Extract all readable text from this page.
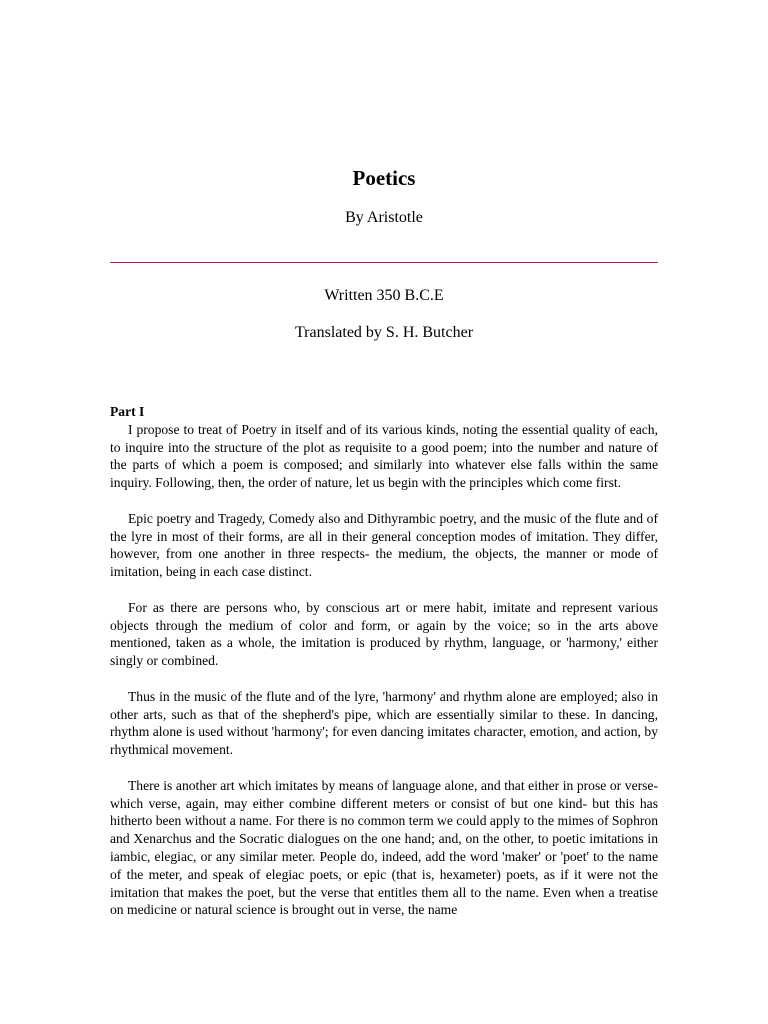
Poetics
By Aristotle
Written 350 B.C.E
Translated by S. H. Butcher
Part I

I propose to treat of Poetry in itself and of its various kinds, noting the essential quality of each, to inquire into the structure of the plot as requisite to a good poem; into the number and nature of the parts of which a poem is composed; and similarly into whatever else falls within the same inquiry. Following, then, the order of nature, let us begin with the principles which come first.

Epic poetry and Tragedy, Comedy also and Dithyrambic poetry, and the music of the flute and of the lyre in most of their forms, are all in their general conception modes of imitation. They differ, however, from one another in three respects- the medium, the objects, the manner or mode of imitation, being in each case distinct.

For as there are persons who, by conscious art or mere habit, imitate and represent various objects through the medium of color and form, or again by the voice; so in the arts above mentioned, taken as a whole, the imitation is produced by rhythm, language, or 'harmony,' either singly or combined.

Thus in the music of the flute and of the lyre, 'harmony' and rhythm alone are employed; also in other arts, such as that of the shepherd's pipe, which are essentially similar to these. In dancing, rhythm alone is used without 'harmony'; for even dancing imitates character, emotion, and action, by rhythmical movement.

There is another art which imitates by means of language alone, and that either in prose or verse- which verse, again, may either combine different meters or consist of but one kind- but this has hitherto been without a name. For there is no common term we could apply to the mimes of Sophron and Xenarchus and the Socratic dialogues on the one hand; and, on the other, to poetic imitations in iambic, elegiac, or any similar meter. People do, indeed, add the word 'maker' or 'poet' to the name of the meter, and speak of elegiac poets, or epic (that is, hexameter) poets, as if it were not the imitation that makes the poet, but the verse that entitles them all to the name. Even when a treatise on medicine or natural science is brought out in verse, the name
